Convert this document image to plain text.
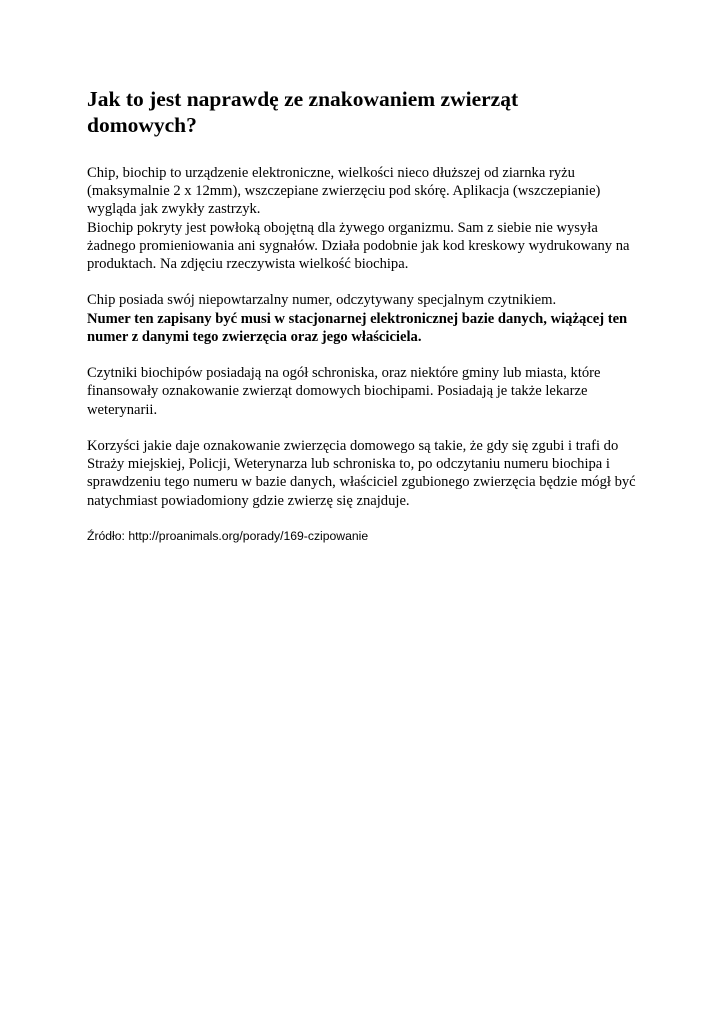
Jak to jest naprawdę ze znakowaniem zwierząt
domowych?

Chip, biochip to urządzenie elektroniczne, wielkości nieco dłuższej od ziarnka ryżu
(maksymalnie 2 x 12mm), wszczepiane zwierzęciu pod skórę. Aplikacja (wszczepianie)
wygląda jak zwykły zastrzyk.
Biochip pokryty jest powłoką obojętną dla żywego organizmu. Sam z siebie nie wysyła
żadnego promieniowania ani sygnałów. Działa podobnie jak kod kreskowy wydrukowany na
produktach. Na zdjęciu rzeczywista wielkość biochipa.

Chip posiada swój niepowtarzalny numer, odczytywany specjalnym czytnikiem.
Numer ten zapisany być musi w stacjonarnej elektronicznej bazie danych, wiążącej ten
numer z danymi tego zwierzęcia oraz jego właściciela.

Czytniki biochipów posiadają na ogół schroniska, oraz niektóre gminy lub miasta, które
finansowały oznakowanie zwierząt domowych biochipami. Posiadają je także lekarze
weterynarii.

Korzyści jakie daje oznakowanie zwierzęcia domowego są takie, że gdy się zgubi i trafi do
Straży miejskiej, Policji, Weterynarza lub schroniska to, po odczytaniu numeru biochipa i
sprawdzeniu tego numeru w bazie danych, właściciel zgubionego zwierzęcia będzie mógł być
natychmiast powiadomiony gdzie zwierzę się znajduje.

Źródło: http://proanimals.org/porady/169-czipowanie
